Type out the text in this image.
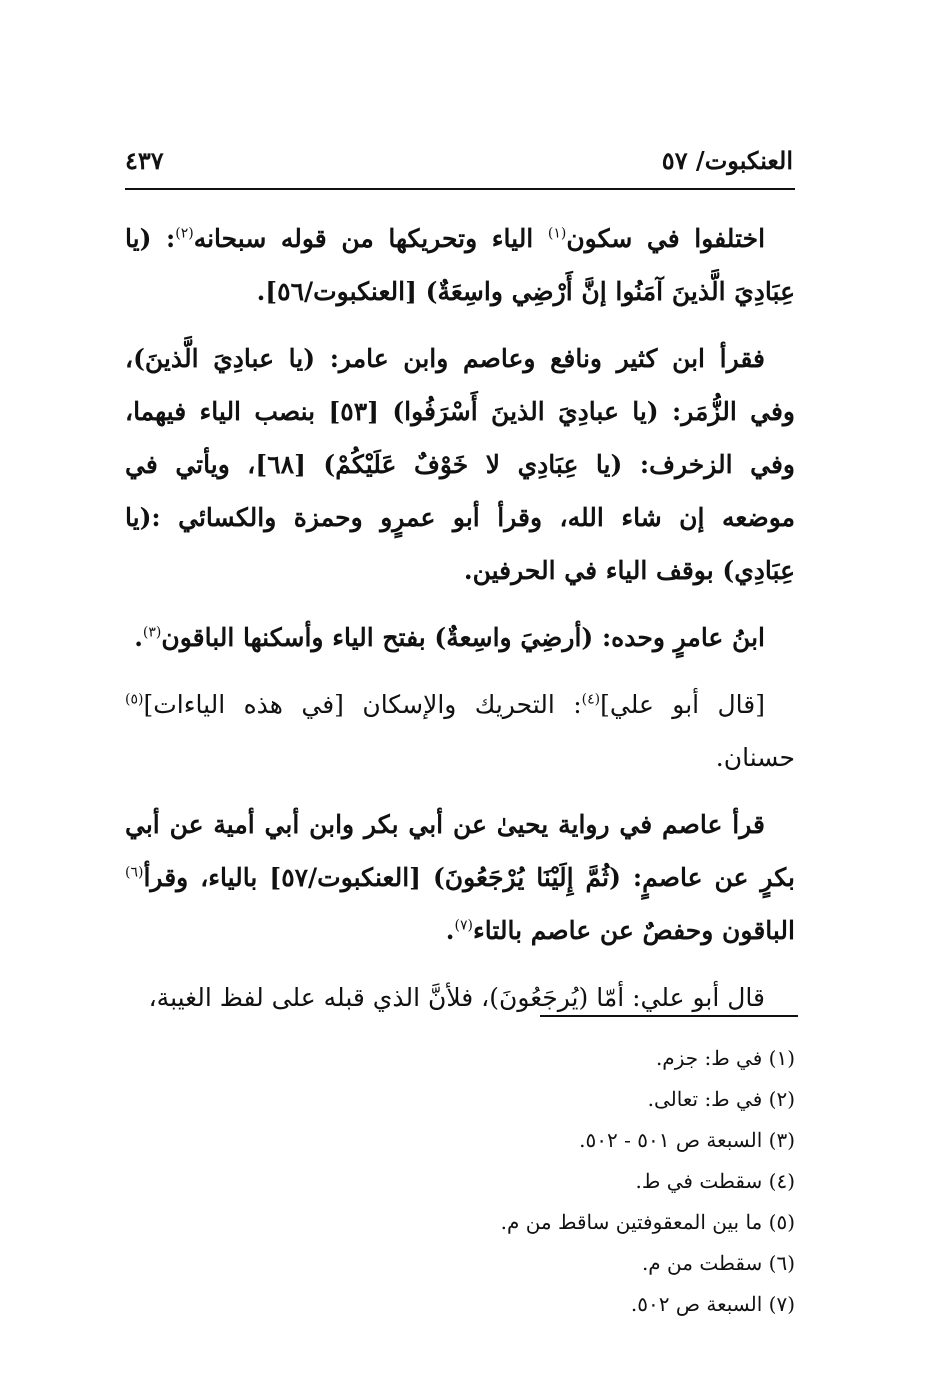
العنكبوت/ ٥٧
٤٣٧

اختلفوا في سكون$^{(١)}$ الياء وتحريكها من قوله سبحانه$^{(٢)}$: (يا عِبَادِيَ الَّذينَ آمَنُوا إنَّ أَرْضِي واسِعَةٌ) [العنكبوت/٥٦].

فقرأ ابن كثير ونافع وعاصم وابن عامر: (يا عبادِيَ الَّذينَ)، وفي الزُّمَر: (يا عبادِيَ الذينَ أَسْرَفُوا) [٥٣] بنصب الياء فيهما، وفي الزخرف: (يا عِبَادِي لا خَوْفٌ عَلَيْكُمْ) [٦٨]، ويأتي في موضعه إن شاء الله، وقرأ أبو عمرٍو وحمزة والكسائي :(يا عِبَادِي) بوقف الياء في الحرفين.

ابنُ عامرٍ وحده: (أرضِيَ واسِعةٌ) بفتح الياء وأسكنها الباقون$^{(٣)}$.

[قال أبو علي]$^{(٤)}$: التحريك والإسكان [في هذه الياءات]$^{(٥)}$ حسنان.

قرأ عاصم في رواية يحيىٰ عن أبي بكر وابن أبي أمية عن أبي بكرٍ عن عاصمٍ: (ثُمَّ إِلَيْنَا يُرْجَعُونَ) [العنكبوت/٥٧] بالياء، وقرأ$^{(٦)}$ الباقون وحفصٌ عن عاصم بالتاء$^{(٧)}$.

قال أبو علي: أمّا (يُرجَعُونَ)، فلأنَّ الذي قبله على لفظ الغيبة،

(١) في ط: جزم.
(٢) في ط: تعالى.
(٣) السبعة ص ٥٠١ - ٥٠٢.
(٤) سقطت في ط.
(٥) ما بين المعقوفتين ساقط من م.
(٦) سقطت من م.
(٧) السبعة ص ٥٠٢.
